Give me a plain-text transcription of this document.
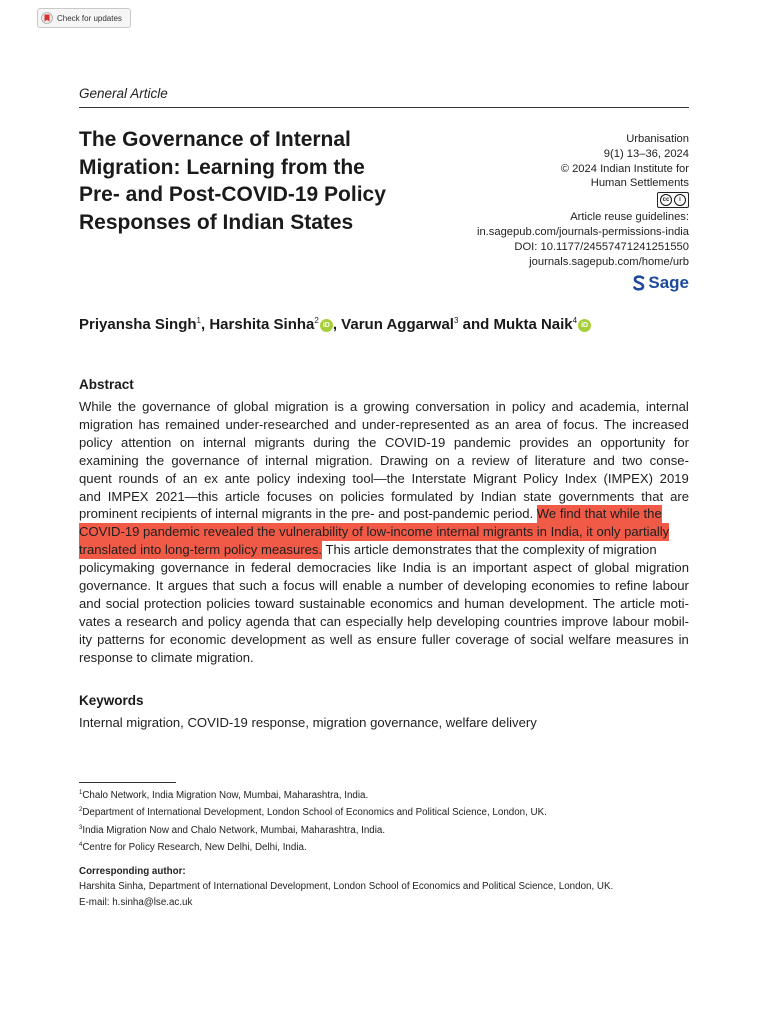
Check for updates
General Article
The Governance of Internal
Migration: Learning from the
Pre- and Post-COVID-19 Policy
Responses of Indian States
Urbanisation
9(1) 13–36, 2024
© 2024 Indian Institute for
Human Settlements
cc	i
Article reuse guidelines:
in.sagepub.com/journals-permissions-india
DOI: 10.1177/24557471241251550
journals.sagepub.com/home/urb
Sage
Priyansha Singh$^1$, Harshita Sinha$^2$iD , Varun Aggarwal$^3$ and Mukta Naik$^4$iD
Abstract
While the governance of global migration is a growing conversation in policy and academia, internal
migration has remained under-researched and under-represented as an area of focus. The increased
policy attention on internal migrants during the COVID-19 pandemic provides an opportunity for
examining the governance of internal migration. Drawing on a review of literature and two conse-
quent rounds of an ex ante policy indexing tool—the Interstate Migrant Policy Index (IMPEX) 2019
and IMPEX 2021—this article focuses on policies formulated by Indian state governments that are
prominent recipients of internal migrants in the pre- and post-pandemic period. We find that while the
COVID-19 pandemic revealed the vulnerability of low-income internal migrants in India, it only partially
translated into long-term policy measures. This article demonstrates that the complexity of migration
policymaking governance in federal democracies like India is an important aspect of global migration
governance. It argues that such a focus will enable a number of developing economies to refine labour
and social protection policies toward sustainable economics and human development. The article moti-
vates a research and policy agenda that can especially help developing countries improve labour mobil-
ity patterns for economic development as well as ensure fuller coverage of social welfare measures in
response to climate migration.
Keywords
Internal migration, COVID-19 response, migration governance, welfare delivery
$^1$Chalo Network, India Migration Now, Mumbai, Maharashtra, India.
$^2$Department of International Development, London School of Economics and Political Science, London, UK.
$^3$India Migration Now and Chalo Network, Mumbai, Maharashtra, India.
$^4$Centre for Policy Research, New Delhi, Delhi, India.
Corresponding author:
Harshita Sinha, Department of International Development, London School of Economics and Political Science, London, UK.
E-mail: h.sinha@lse.ac.uk
